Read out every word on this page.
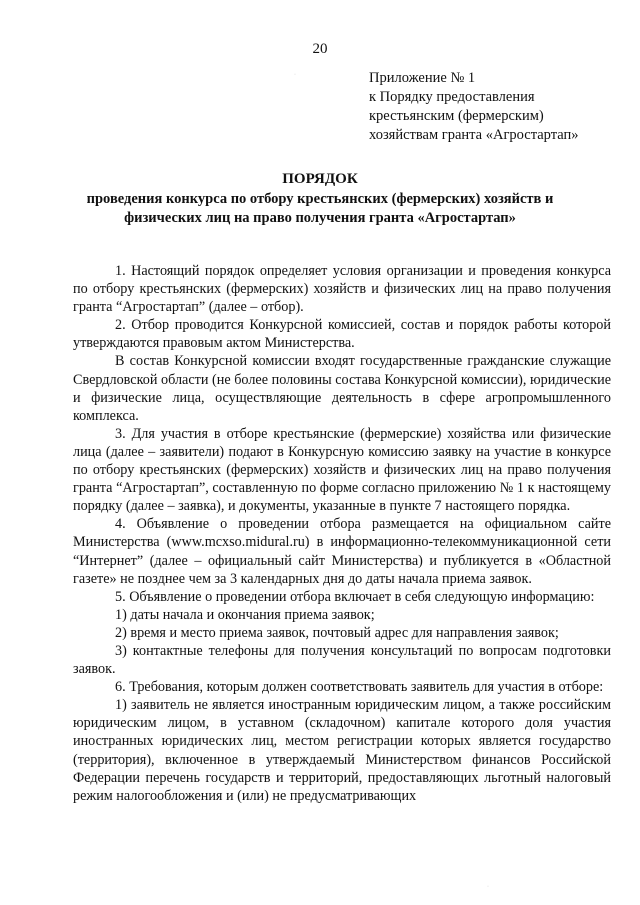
20
Приложение № 1
к Порядку предоставления
крестьянским (фермерским)
хозяйствам гранта «Агростартап»
ПОРЯДОК
проведения конкурса по отбору крестьянских (фермерских) хозяйств и физических лиц на право получения гранта «Агростартап»

1. Настоящий порядок определяет условия организации и проведения конкурса по отбору крестьянских (фермерских) хозяйств и физических лиц на право получения гранта “Агростартап” (далее – отбор).

2. Отбор проводится Конкурсной комиссией, состав и порядок работы которой утверждаются правовым актом Министерства.

В состав Конкурсной комиссии входят государственные гражданские служащие Свердловской области (не более половины состава Конкурсной комиссии), юридические и физические лица, осуществляющие деятельность в сфере агропромышленного комплекса.

3. Для участия в отборе крестьянские (фермерские) хозяйства или физические лица (далее – заявители) подают в Конкурсную комиссию заявку на участие в конкурсе по отбору крестьянских (фермерских) хозяйств и физических лиц на право получения гранта “Агростартап”, составленную по форме согласно приложению № 1 к настоящему порядку (далее – заявка), и документы, указанные в пункте 7 настоящего порядка.

4. Объявление о проведении отбора размещается на официальном сайте Министерства (www.mcxso.midural.ru) в информационно-телекоммуникационной сети “Интернет” (далее – официальный сайт Министерства) и публикуется в «Областной газете» не позднее чем за 3 календарных дня до даты начала приема заявок.

5. Объявление о проведении отбора включает в себя следующую информацию:

1) даты начала и окончания приема заявок;

2) время и место приема заявок, почтовый адрес для направления заявок;

3) контактные телефоны для получения консультаций по вопросам подготовки заявок.

6. Требования, которым должен соответствовать заявитель для участия в отборе:

1) заявитель не является иностранным юридическим лицом, а также российским юридическим лицом, в уставном (складочном) капитале которого доля участия иностранных юридических лиц, местом регистрации которых является государство (территория), включенное в утверждаемый Министерством финансов Российской Федерации перечень государств и территорий, предоставляющих льготный налоговый режим налогообложения и (или) не предусматривающих

·
·
